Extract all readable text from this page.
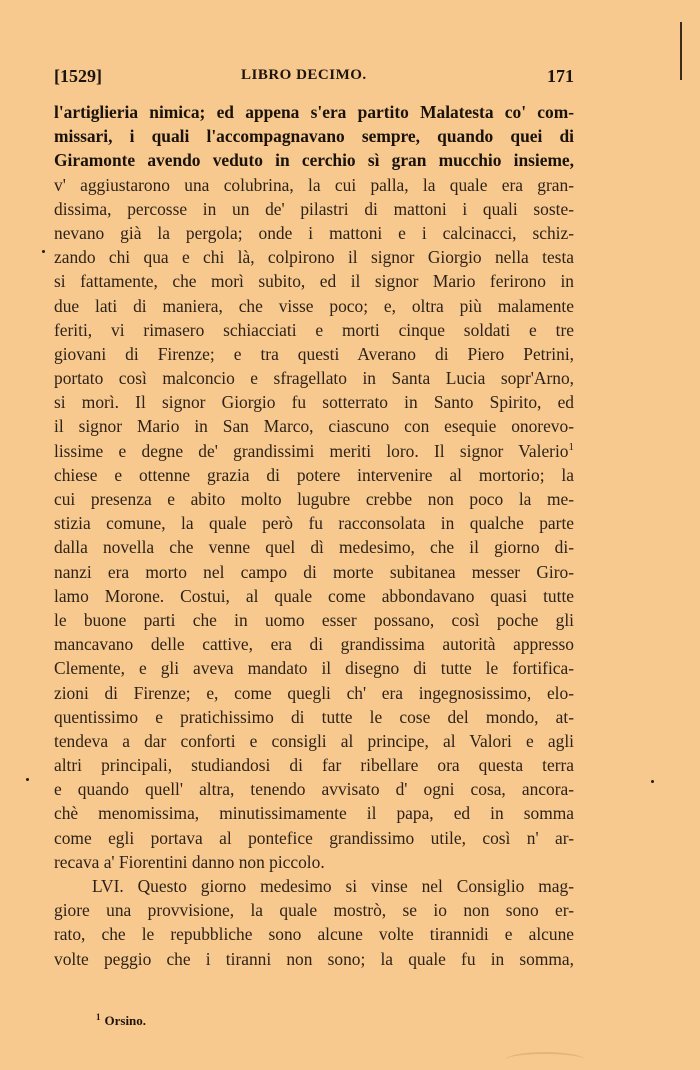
[1529]	LIBRO DECIMO.	171
l'artiglieria nimica; ed appena s'era partito Malatesta co' com-
missari, i quali l'accompagnavano sempre, quando quei di
Giramonte avendo veduto in cerchio sì gran mucchio insieme,
v' aggiustarono una colubrina, la cui palla, la quale era gran-
dissima, percosse in un de' pilastri di mattoni i quali soste-
nevano già la pergola; onde i mattoni e i calcinacci, schiz-
zando chi qua e chi là, colpirono il signor Giorgio nella testa
si fattamente, che morì subito, ed il signor Mario ferirono in
due lati di maniera, che visse poco; e, oltra più malamente
feriti, vi rimasero schiacciati e morti cinque soldati e tre
giovani di Firenze; e tra questi Averano di Piero Petrini,
portato così malconcio e sfragellato in Santa Lucia sopr'Arno,
si morì. Il signor Giorgio fu sotterrato in Santo Spirito, ed
il signor Mario in San Marco, ciascuno con esequie onorevo-
lissime e degne de' grandissimi meriti loro. Il signor Valerio$^1$
chiese e ottenne grazia di potere intervenire al mortorio; la
cui presenza e abito molto lugubre crebbe non poco la me-
stizia comune, la quale però fu racconsolata in qualche parte
dalla novella che venne quel dì medesimo, che il giorno di-
nanzi era morto nel campo di morte subitanea messer Giro-
lamo Morone. Costui, al quale come abbondavano quasi tutte
le buone parti che in uomo esser possano, così poche gli
mancavano delle cattive, era di grandissima autorità appresso
Clemente, e gli aveva mandato il disegno di tutte le fortifica-
zioni di Firenze; e, come quegli ch' era ingegnosissimo, elo-
quentissimo e pratichissimo di tutte le cose del mondo, at-
tendeva a dar conforti e consigli al principe, al Valori e agli
altri principali, studiandosi di far ribellare ora questa terra
e quando quell' altra, tenendo avvisato d' ogni cosa, ancora-
chè menomissima, minutissimamente il papa, ed in somma
come egli portava al pontefice grandissimo utile, così n' ar-
recava a' Fiorentini danno non piccolo.
LVI. Questo giorno medesimo si vinse nel Consiglio mag-
giore una provvisione, la quale mostrò, se io non sono er-
rato, che le repubbliche sono alcune volte tirannidi e alcune
volte peggio che i tiranni non sono; la quale fu in somma,
$^1$ Orsino.
